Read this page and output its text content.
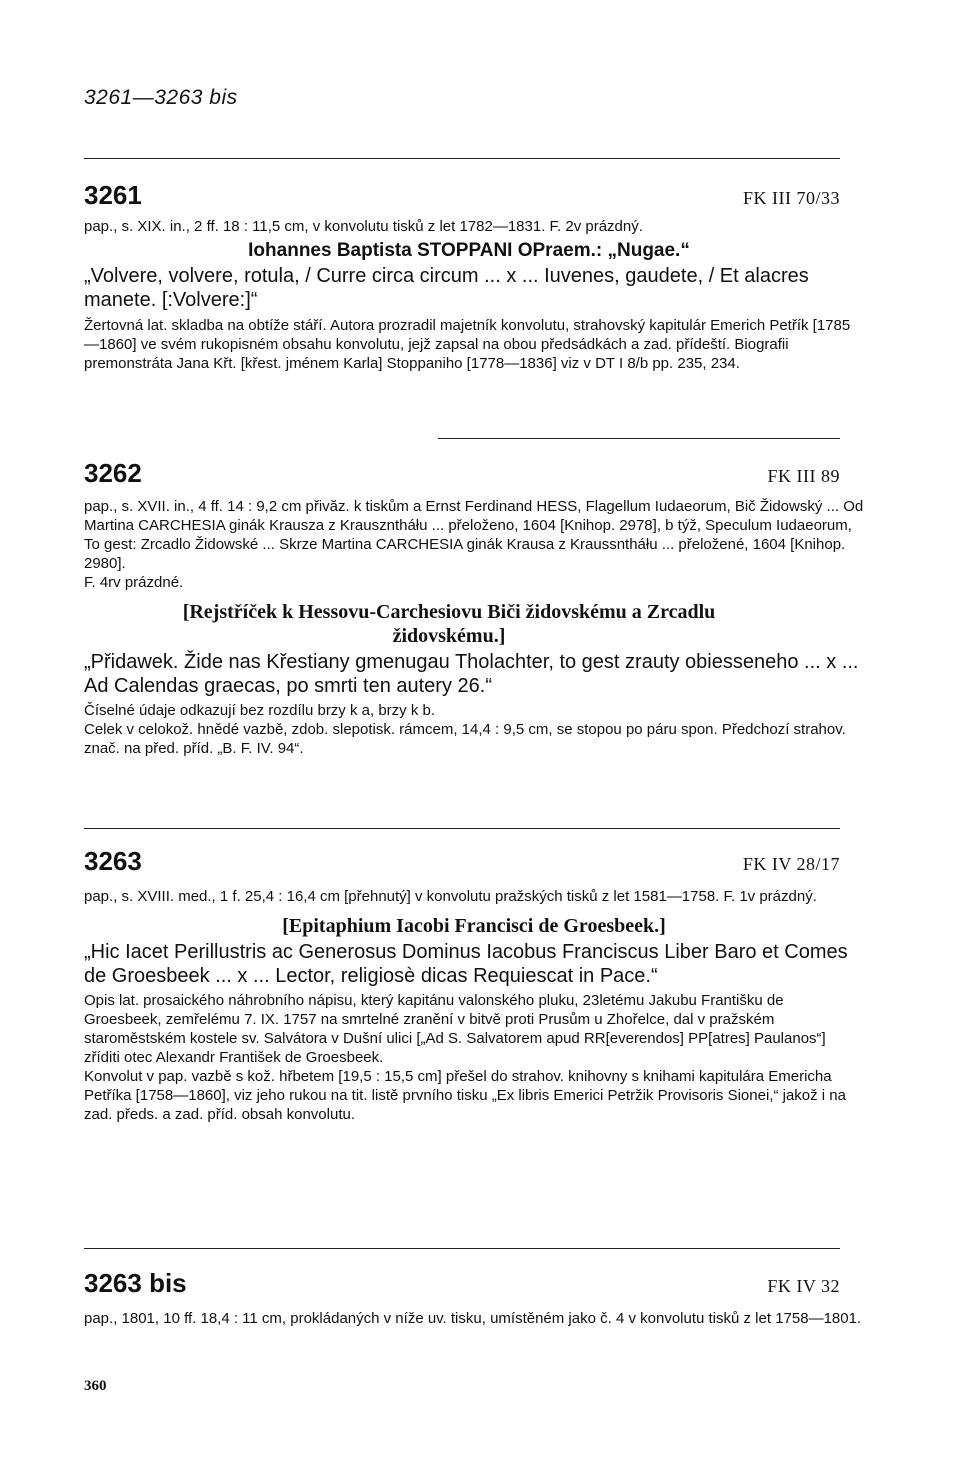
3261—3263 bis
3261	FK III 70/33

pap., s. XIX. in., 2 ff. 18 : 11,5 cm, v konvolutu tisků z let 1782—1831. F. 2v prázdný.

Iohannes Baptista STOPPANI OPraem.: „Nugae.“

„Volvere, volvere, rotula, / Curre circa circum ... x ... Iuvenes, gaudete, / Et alacres manete. [:Volvere:]“

Žertovná lat. skladba na obtíže stáří. Autora prozradil majetník konvolutu, strahovský kapitulár Emerich Petřík [1785—1860] ve svém rukopisném obsahu konvolutu, jejž zapsal na obou předsádkách a zad. přídeští. Biografii premonstráta Jana Křt. [křest. jménem Karla] Stoppaniho [1778—1836] viz v DT I 8/b pp. 235, 234.

3262	FK III 89

pap., s. XVII. in., 4 ff. 14 : 9,2 cm přivăz. k tiskům a Ernst Ferdinand HESS, Flagellum Iudaeorum, Bič Židowský ... Od Martina CARCHESIA ginák Krausza z Krauszntháłu ... přeloženo, 1604 [Knihop. 2978], b týž, Speculum Iudaeorum, To gest: Zrcadlo Židowské ... Skrze Martina CARCHESIA ginák Krausa z Kraussntháłu ... přeložené, 1604 [Knihop. 2980].

F. 4rv prázdné.

[Rejstříček k Hessovu-Carchesiovu Biči židovskému a Zrcadlu židovskému.]

„Přidawek. Žide nas Křestiany gmenugau Tholachter, to gest zrauty obiesseneho ... x ... Ad Calendas graecas, po smrti ten autery 26.“

Číselné údaje odkazují bez rozdílu brzy k a, brzy k b.

Celek v celokož. hnědé vazbě, zdob. slepotisk. rámcem, 14,4 : 9,5 cm, se stopou po páru spon. Předchozí strahov. znač. na před. příd. „B. F. IV. 94“.

3263	FK IV 28/17

pap., s. XVIII. med., 1 f. 25,4 : 16,4 cm [přehnutý] v konvolutu pražských tisků z let 1581—1758. F. 1v prázdný.

[Epitaphium Iacobi Francisci de Groesbeek.]

„Hic Iacet Perillustris ac Generosus Dominus Iacobus Franciscus Liber Baro et Comes de Groesbeek ... x ... Lector, religiosè dicas Requiescat in Pace.“

Opis lat. prosaického náhrobního nápisu, který kapitánu valonského pluku, 23letému Jakubu Františku de Groesbeek, zemřelému 7. IX. 1757 na smrtelné zranění v bitvě proti Prusům u Zhořelce, dal v pražském staroměstském kostele sv. Salvátora v Dušní ulici [„Ad S. Salvatorem apud RR[everendos] PP[atres] Paulanos“] zříditi otec Alexandr František de Groesbeek.

Konvolut v pap. vazbě s kož. hřbetem [19,5 : 15,5 cm] přešel do strahov. knihovny s knihami kapitulára Emericha Petříka [1758—1860], viz jeho rukou na tit. listě prvního tisku „Ex libris Emerici Petržik Provisoris Sionei,“ jakož i na zad. předs. a zad. příd. obsah konvolutu.

3263 bis	FK IV 32

pap., 1801, 10 ff. 18,4 : 11 cm, prokládaných v níže uv. tisku, umístěném jako č. 4 v konvolutu tisků z let 1758—1801.

360
